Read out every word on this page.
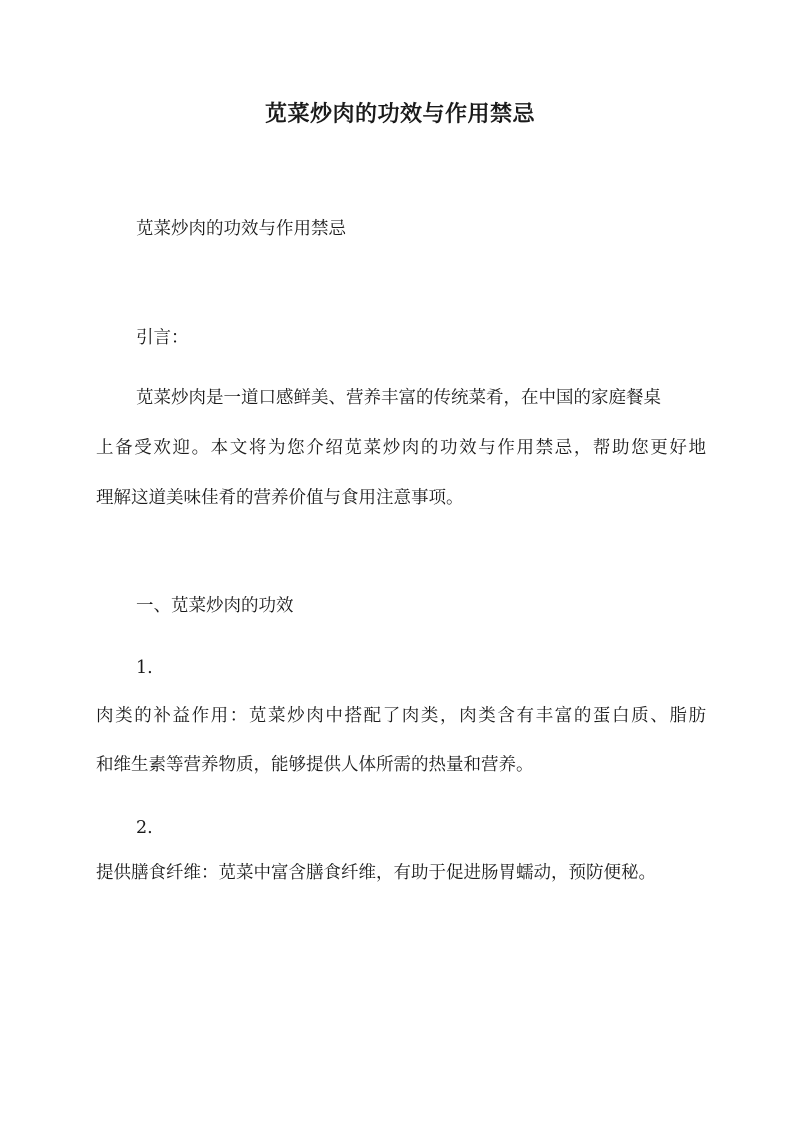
苋菜炒肉的功效与作用禁忌
苋菜炒肉的功效与作用禁忌
引言：
苋菜炒肉是一道口感鲜美、营养丰富的传统菜肴，在中国的家庭餐桌
上备受欢迎。本文将为您介绍苋菜炒肉的功效与作用禁忌，帮助您更好地
理解这道美味佳肴的营养价值与食用注意事项。
一、苋菜炒肉的功效
1.
肉类的补益作用：苋菜炒肉中搭配了肉类，肉类含有丰富的蛋白质、脂肪
和维生素等营养物质，能够提供人体所需的热量和营养。
2.
提供膳食纤维：苋菜中富含膳食纤维，有助于促进肠胃蠕动，预防便秘。
